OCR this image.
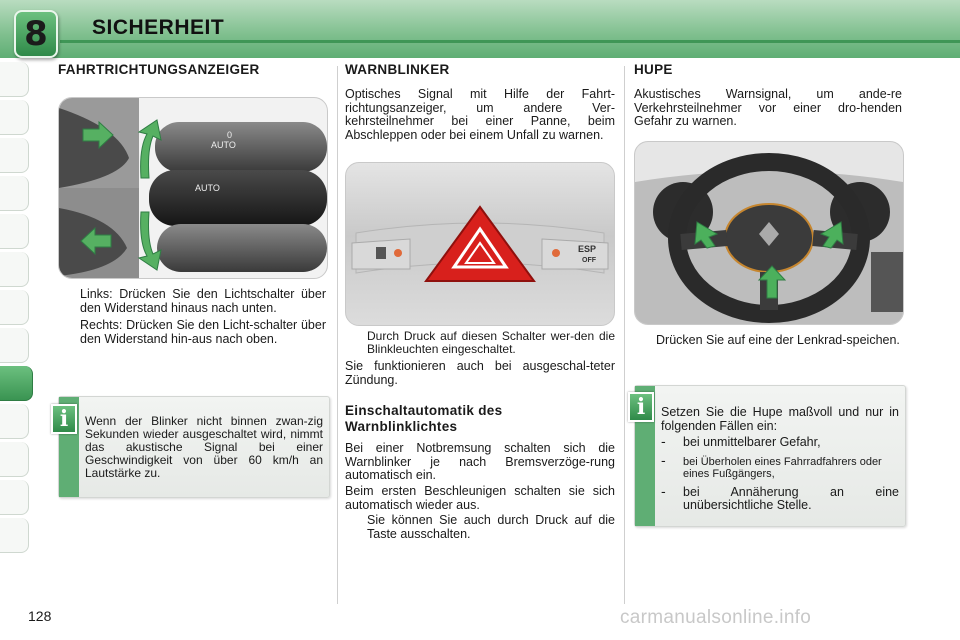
8	SICHERHEIT
FAHRTRICHTUNGSANZEIGER
AUTO
0
AUTO
Links: Drücken Sie den Lichtschalter über den Widerstand hinaus nach unten.
Rechts: Drücken Sie den Licht-schalter über den Widerstand hin-aus nach oben.
Wenn der Blinker nicht binnen zwan-zig Sekunden wieder ausgeschaltet wird, nimmt das akustische Signal bei einer Geschwindigkeit von über 60 km/h an Lautstärke zu.
i
WARNBLINKER
Optisches Signal mit Hilfe der Fahrt-richtungsanzeiger, um andere Ver-kehrsteilnehmer bei einer Panne, beim Abschleppen oder bei einem Unfall zu warnen.
ESP
OFF
Durch Druck auf diesen Schalter wer-den die Blinkleuchten eingeschaltet.
Sie funktionieren auch bei ausgeschal-teter Zündung.
Einschaltautomatik des Warnblinklichtes
Bei einer Notbremsung schalten sich die Warnblinker je nach Bremsverzöge-rung automatisch ein.
Beim ersten Beschleunigen schalten sie sich automatisch wieder aus.
Sie können Sie auch durch Druck auf die Taste ausschalten.
HUPE
Akustisches Warnsignal, um ande-re Verkehrsteilnehmer vor einer dro-henden Gefahr zu warnen.
Drücken Sie auf eine der Lenkrad-speichen.
Setzen Sie die Hupe maßvoll und nur in folgenden Fällen ein:
- bei unmittelbarer Gefahr,
- bei Überholen eines Fahrradfahrers oder eines Fußgängers,
- bei Annäherung an eine unübersichtliche Stelle.
i
128	carmanualsonline.info
